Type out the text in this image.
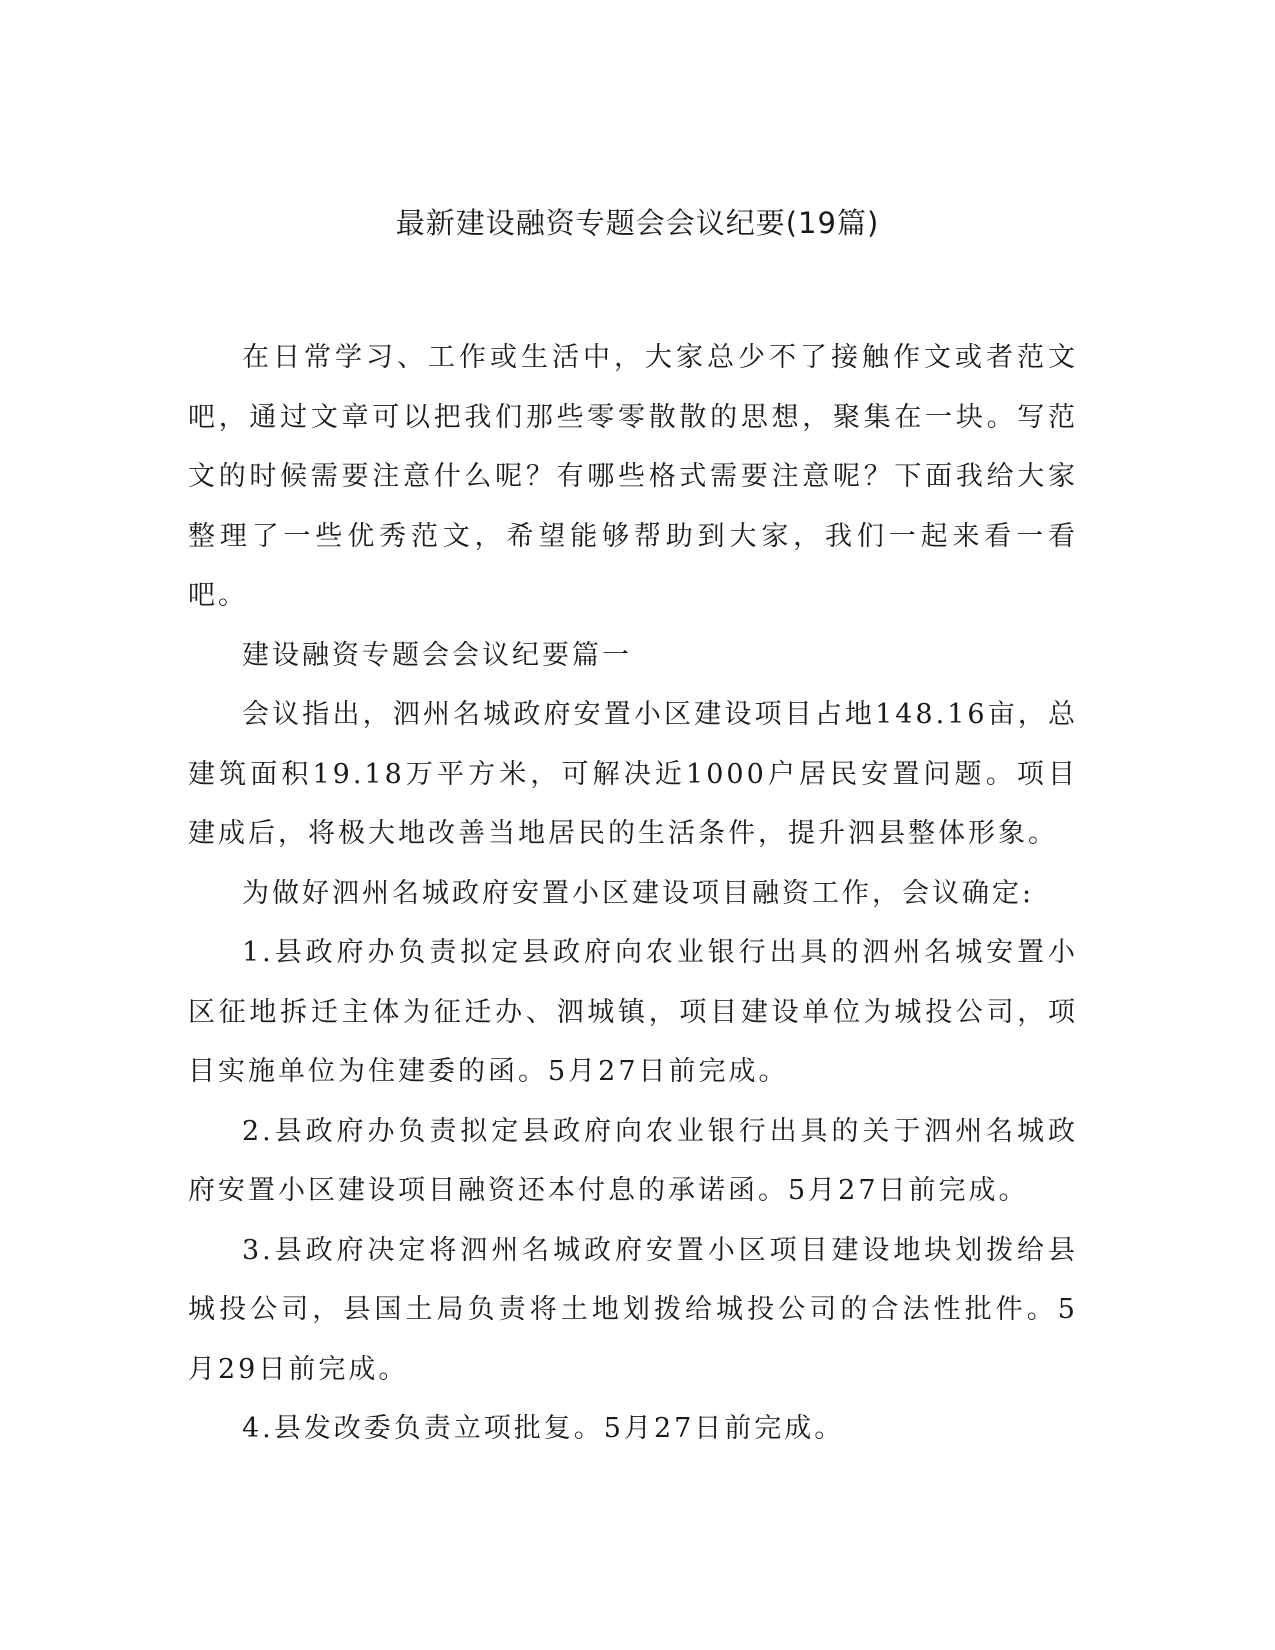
最新建设融资专题会会议纪要(19篇)

在日常学习、工作或生活中，大家总少不了接触作文或者范文吧，通过文章可以把我们那些零零散散的思想，聚集在一块。写范文的时候需要注意什么呢？有哪些格式需要注意呢？下面我给大家整理了一些优秀范文，希望能够帮助到大家，我们一起来看一看吧。

建设融资专题会会议纪要篇一

会议指出，泗州名城政府安置小区建设项目占地148.16亩，总建筑面积19.18万平方米，可解决近1000户居民安置问题。项目建成后，将极大地改善当地居民的生活条件，提升泗县整体形象。

为做好泗州名城政府安置小区建设项目融资工作，会议确定:

1.县政府办负责拟定县政府向农业银行出具的泗州名城安置小区征地拆迁主体为征迁办、泗城镇，项目建设单位为城投公司，项目实施单位为住建委的函。5月27日前完成。

2.县政府办负责拟定县政府向农业银行出具的关于泗州名城政府安置小区建设项目融资还本付息的承诺函。5月27日前完成。

3.县政府决定将泗州名城政府安置小区项目建设地块划拨给县城投公司，县国土局负责将土地划拨给城投公司的合法性批件。5月29日前完成。

4.县发改委负责立项批复。5月27日前完成。
